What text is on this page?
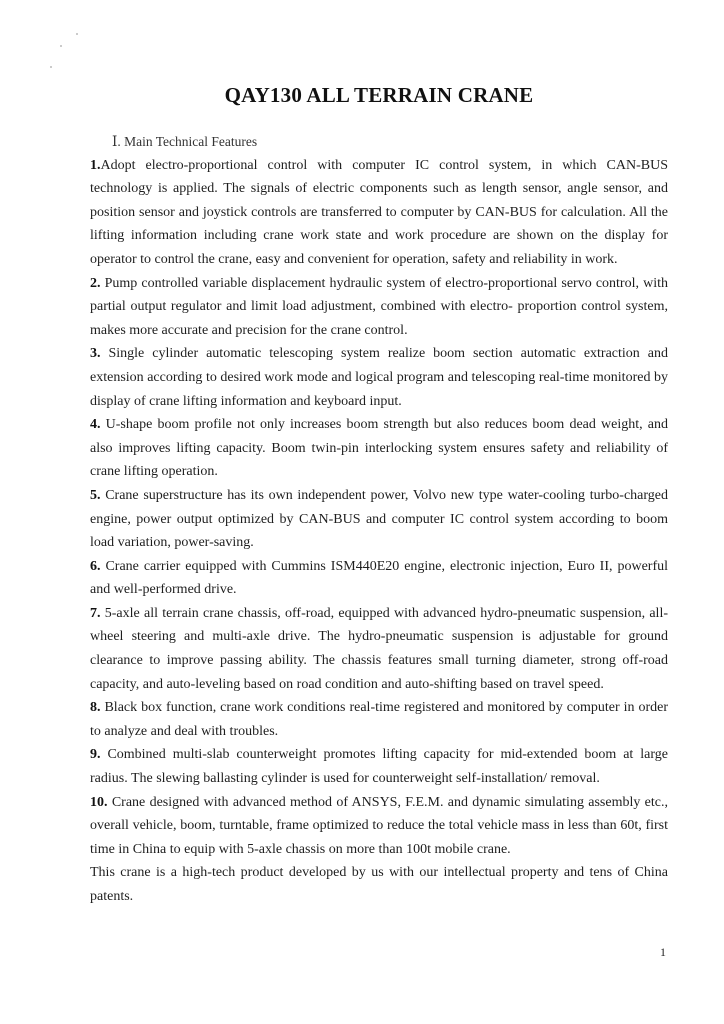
QAY130 ALL TERRAIN CRANE
Ⅰ. Main Technical Features

1.Adopt electro-proportional control with computer IC control system, in which CAN-BUS technology is applied. The signals of electric components such as length sensor, angle sensor, and position sensor and joystick controls are transferred to computer by CAN-BUS for calculation. All the lifting information including crane work state and work procedure are shown on the display for operator to control the crane, easy and convenient for operation, safety and reliability in work.

2. Pump controlled variable displacement hydraulic system of electro-proportional servo control, with partial output regulator and limit load adjustment, combined with electro- proportion control system, makes more accurate and precision for the crane control.

3. Single cylinder automatic telescoping system realize boom section automatic extraction and extension according to desired work mode and logical program and telescoping real-time monitored by display of crane lifting information and keyboard input.

4. U-shape boom profile not only increases boom strength but also reduces boom dead weight, and also improves lifting capacity. Boom twin-pin interlocking system ensures safety and reliability of crane lifting operation.

5. Crane superstructure has its own independent power, Volvo new type water-cooling turbo-charged engine, power output optimized by CAN-BUS and computer IC control system according to boom load variation, power-saving.

6. Crane carrier equipped with Cummins ISM440E20 engine, electronic injection, Euro II, powerful and well-performed drive.

7. 5-axle all terrain crane chassis, off-road, equipped with advanced hydro-pneumatic suspension, all-wheel steering and multi-axle drive. The hydro-pneumatic suspension is adjustable for ground clearance to improve passing ability. The chassis features small turning diameter, strong off-road capacity, and auto-leveling based on road condition and auto-shifting based on travel speed.

8. Black box function, crane work conditions real-time registered and monitored by computer in order to analyze and deal with troubles.

9. Combined multi-slab counterweight promotes lifting capacity for mid-extended boom at large radius. The slewing ballasting cylinder is used for counterweight self-installation/ removal.

10. Crane designed with advanced method of ANSYS, F.E.M. and dynamic simulating assembly etc., overall vehicle, boom, turntable, frame optimized to reduce the total vehicle mass in less than 60t, first time in China to equip with 5-axle chassis on more than 100t mobile crane.

This crane is a high-tech product developed by us with our intellectual property and tens of China patents.

1
